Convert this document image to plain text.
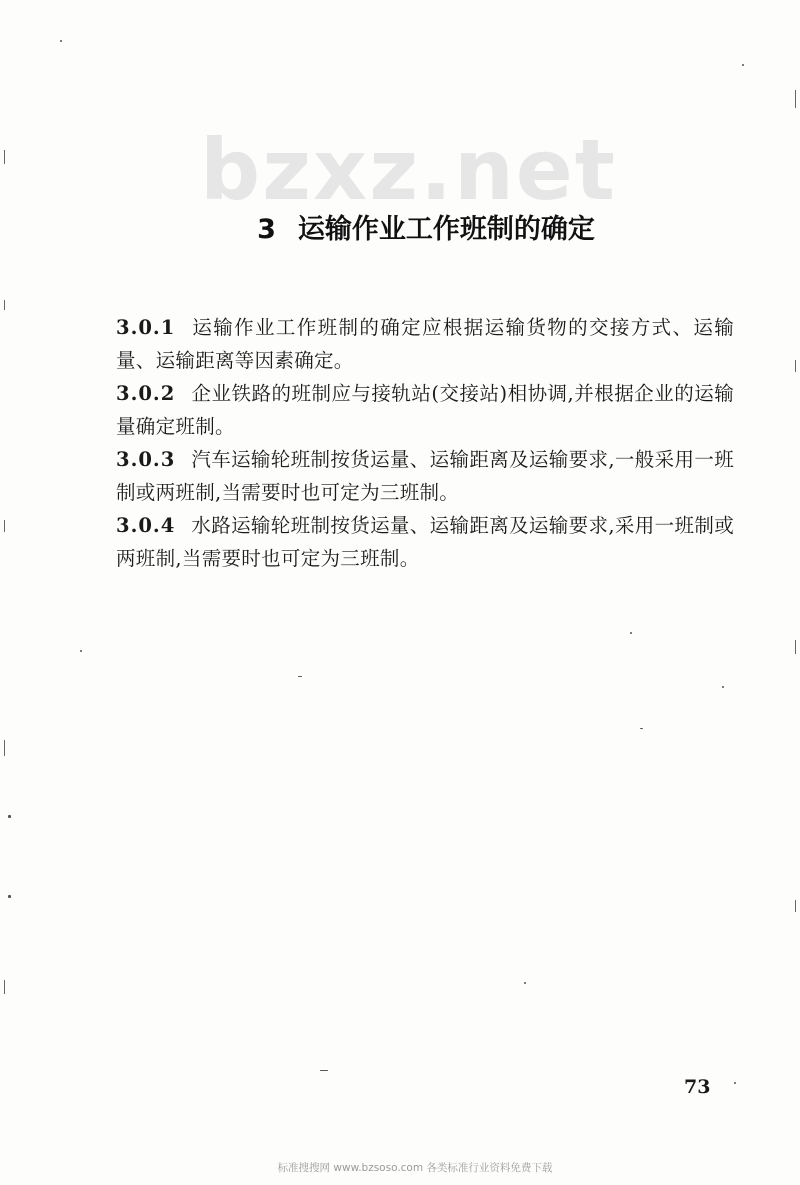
bzxz.net
3 运输作业工作班制的确定

3.0.1 运输作业工作班制的确定应根据运输货物的交接方式、运输量、运输距离等因素确定。

3.0.2 企业铁路的班制应与接轨站(交接站)相协调,并根据企业的运输量确定班制。

3.0.3 汽车运输轮班制按货运量、运输距离及运输要求,一般采用一班制或两班制,当需要时也可定为三班制。

3.0.4 水路运输轮班制按货运量、运输距离及运输要求,采用一班制或两班制,当需要时也可定为三班制。

73
标准搜搜网 www.bzsoso.com 各类标准行业资料免费下载
